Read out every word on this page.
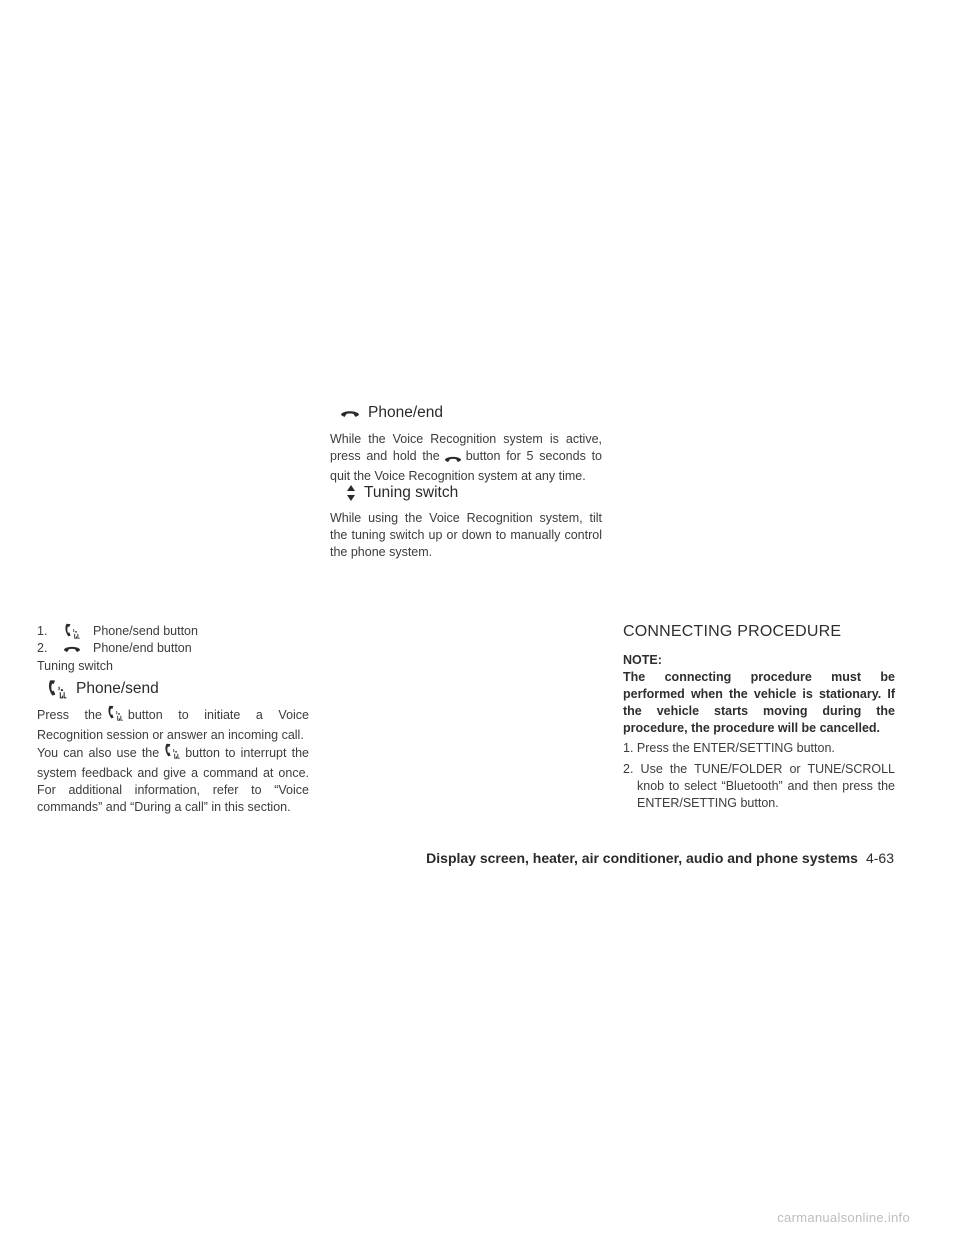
Phone/end
While the Voice Recognition system is active, press and hold the button for 5 seconds to quit the Voice Recognition system at any time.
Tuning switch
While using the Voice Recognition system, tilt the tuning switch up or down to manually control the phone system.
1.	Phone/send button
2.	Phone/end button
Tuning switch
Phone/send
Press the button to initiate a Voice Recognition session or answer an incoming call.
You can also use the button to interrupt the system feedback and give a command at once. For additional information, refer to “Voice commands” and “During a call” in this section.
CONNECTING PROCEDURE
NOTE:
The connecting procedure must be performed when the vehicle is stationary. If the vehicle starts moving during the procedure, the procedure will be cancelled.
1. Press the ENTER/SETTING button.
2. Use the TUNE/FOLDER or TUNE/SCROLL knob to select “Bluetooth” and then press the ENTER/SETTING button.
Display screen, heater, air conditioner, audio and phone systems 4-63
carmanualsonline.info
